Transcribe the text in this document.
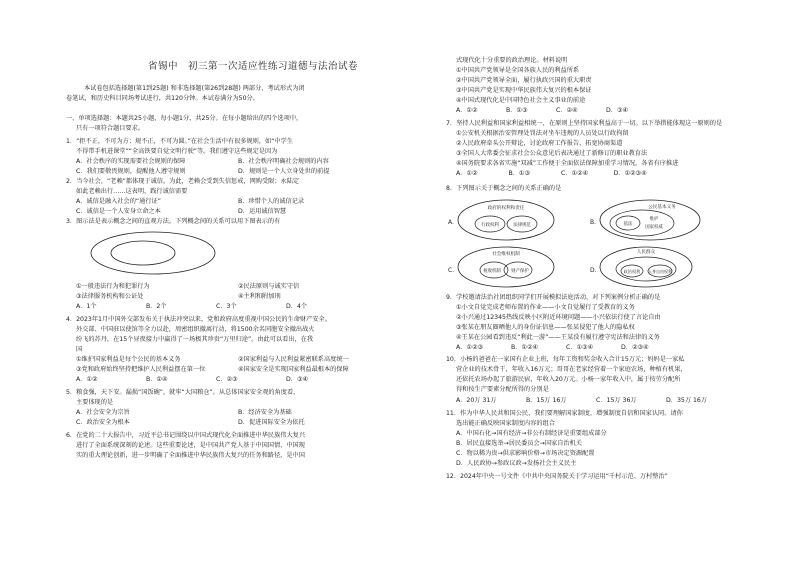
省锡中　初三第一次适应性练习道德与法治试卷
本试卷包括选择题(第1到25题) 和非选择题(第26到28题) 两部分，考试形式为闭
卷笔试，和历史科目同场考试进行，共120分钟。本试卷满分为50分。
一、单项选择题：本题共25小题，每小题1分，共25分。在每小题给出的四个选项中，
只有一项符合题目要求。
1．“拒不正，不可为方；规不正，不可为圆。”在社会生活中有很多规则，如“中学生
不得带手机进课堂”“全高铁要自觉文明行驶”等。我们遵守这些规定是因为
A．社会秩序的实现需要社会规则的保障	B．社会秩序明确社会规则的内容
C．我们要敬畏规则，提醒他人遵守规则	D．规则是一个人立身处世的前提
2．当今社会，“老赖”都体现于诚信。为此，老赖会受到失信惩戒，网购受限；永陆定
如此老赖出行……这表明，践行诚信需要
A．诚信是融入社会的“通行证”	B．珍惜个人的诚信记录
C．诚信是一个人安身立命之本	D．运用诚信智慧
3．图示法是表示概念之间的直观方法。下列概念间的关系可以用下图表示的有
①一般违法行为和犯罪行为	②民法原则与诚实守信
③法律服务机构和公证处	④主利和附加刑
A．1个	B．2个	C．3个	D．4个
4．2023年1月中国外交部发布关于执法冲突以来，党和政府高度重视中国公民的生命财产安全。
外交部、中国驻以使馆等全力以赴，周密组织撤离行动，将1500余名同胞安全撤出战火
纷飞的苏丹，在15个昼夜接力中赢得了一场极其珍贵“万里归途”。由此可以看出，在我
国
①维护国家利益是每个公民的基本义务	②国家利益与人民利益紧密联系高度统一
③党和政府始终坚持把维护人民利益摆在第一位	④国家安全是实现国家利益最根本的保障
A．①②	B．①④	C．②③	D．③④
5．粮食强，天下安。漏损“国饭碗”，就牢“大国粮仓”。从总体国家安全观的角度看，
主要体现的是
A．社会安全为宗旨	B．经济安全为基础
C．政治安全为根本	D．促进国际安全为依托
6．在党的二十大报告中，习近平总书记围绕以中国式现代化全面推进中华民族伟大复兴
进行了全面系统深刻的论述。这些重要论述，是中国共产党人基于中国国情、中国现
实的重大理论创新，进一步明确了全面推进中华民族伟大复兴的任务和路径，是中国
式现代化十分重要的政治理论。材料说明
①中国共产党领导是全国各族人民的利益所系
②中国共产党领导全面，履行执政兴国的重大职责
③中国共产党是实现中华民族伟大复兴的根本保证
④中国式现代化是中国特色社会主义事业的前途
A．①②	B．①③	C．②④	D．③④
7．坚持人民利益和国家利益相统一，在原则上坚持国家利益高于一切。以下举措能体现这一原则的是
①公安机关根据治安管理处罚法对坐车违规的人员处以行政拘留
②人民政府牵头公开辩论，讨论政府工作报告，拓宽协商渠道
③全国人大常委会征求社会公众意见后表决通过了新修订的职业教育法
④国务院要求各省实施“双减”工作便于全面依法保障加重学习情况，各省有序推进
A．①②	B．①③	C．①②④	D．①②③④
8．下列图示关于概念之间的关系正确的是
A.
政府的权利和责任
行政权利	法律规范	B.
公民基本义务
依法
维护
国家权威
C.
社会维权机制
税收机制 财产保护	D.
人民群众
政治权利 人身自由权利
9．学校邀请法治社团组织同学们开展模拟法庭活动，对下列案例分析正确的是
①小文自觉完成老师布置的作业——小文自觉履行了受教育的义务
②小兴通过12345热线反映小区附近环境问题——小兴依法行使了言论自由
③张某在朋友圈晒他人的身份证信息——张某侵犯了他人的隐私权
④王某在公园看到违反“利此一游”——王某没有履行遵守宪法和法律的义务
A．①②③	B．①②④	C．①③④	D．②③④
10．小杨的爸爸在一家国有企业上班，每年工资和奖金收入合计15万元；妈妈是一家私
营企业的技术骨干，年收入16万元；哥哥在老家经营着一个家庭农场，种植有机果，
还依托农场办起了旅游民宿，年收入20万元。小杨一家年收入中，属于按劳分配所
得和按生产要素分配所得的分别是
A．20万 31万	B．15万 16万	C．15万 36万	D．35万 16万
11．作为中华人民共和国公民，我们要理解国家制度，增强制度自信和国家认同。请你
选出能正确反映国家制度内容的组合
A．中国石化→国有经济→非公有制经济是重要组成部分
B．居民直接选举→居民委员会→国家自治机关
C．物以稀为贵→供求影响价格→市场决定资源配置
D．人民政协→参政议政→发扬社会主义民主
12．2024年中央一号文件《中共中央国务院关于学习运用“千村示范、万村整治”
